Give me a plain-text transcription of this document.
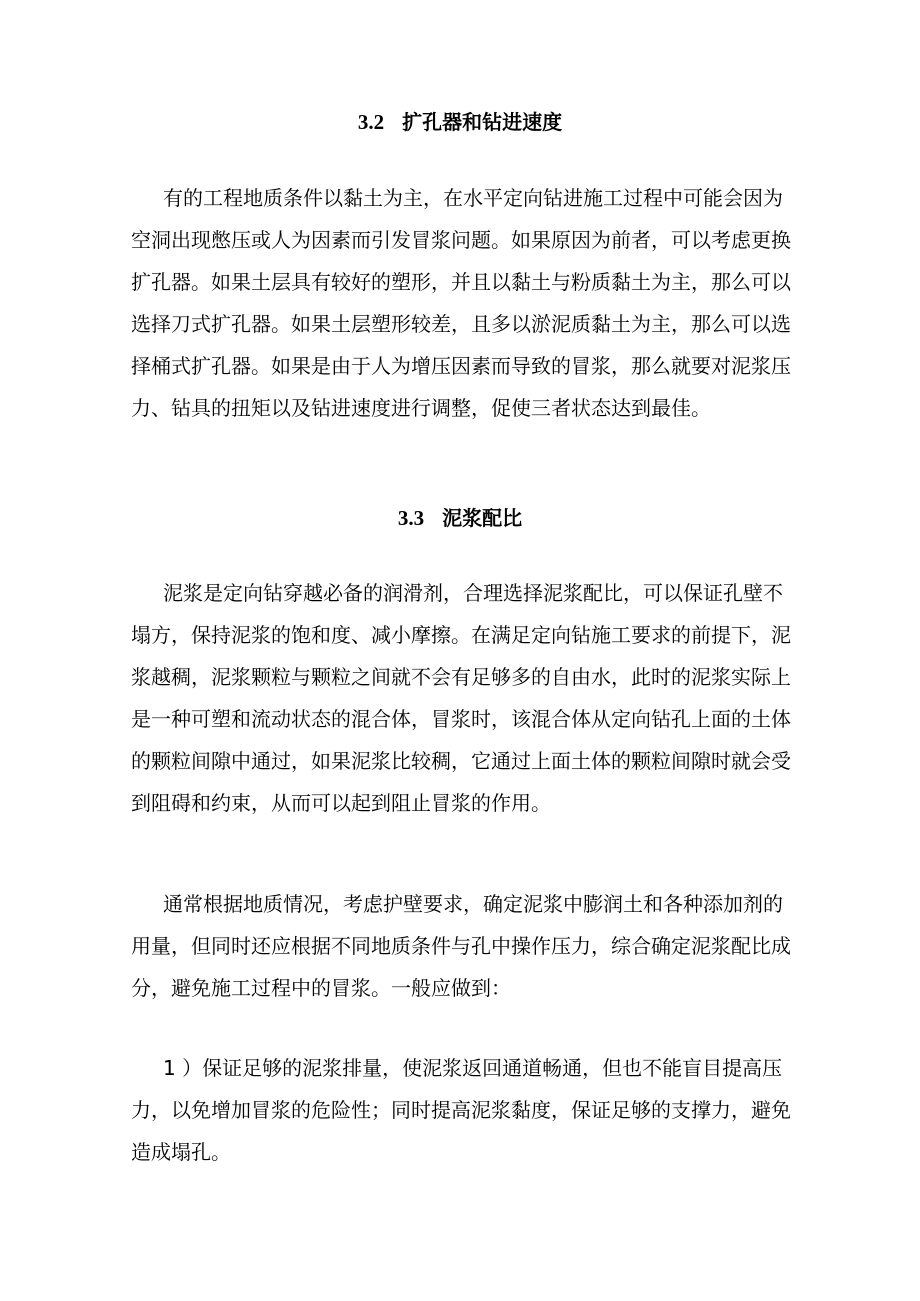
3.2 扩孔器和钻进速度
有的工程地质条件以黏土为主，在水平定向钻进施工过程中可能会因为
空洞出现憋压或人为因素而引发冒浆问题。如果原因为前者，可以考虑更换
扩孔器。如果土层具有较好的塑形，并且以黏土与粉质黏土为主，那么可以
选择刀式扩孔器。如果土层塑形较差，且多以淤泥质黏土为主，那么可以选
择桶式扩孔器。如果是由于人为增压因素而导致的冒浆，那么就要对泥浆压
力、钻具的扭矩以及钻进速度进行调整，促使三者状态达到最佳。
3.3 泥浆配比
泥浆是定向钻穿越必备的润滑剂，合理选择泥浆配比，可以保证孔壁不
塌方，保持泥浆的饱和度、减小摩擦。在满足定向钻施工要求的前提下，泥
浆越稠，泥浆颗粒与颗粒之间就不会有足够多的自由水，此时的泥浆实际上
是一种可塑和流动状态的混合体，冒浆时，该混合体从定向钻孔上面的土体
的颗粒间隙中通过，如果泥浆比较稠，它通过上面土体的颗粒间隙时就会受
到阻碍和约束，从而可以起到阻止冒浆的作用。
通常根据地质情况，考虑护壁要求，确定泥浆中膨润土和各种添加剂的
用量，但同时还应根据不同地质条件与孔中操作压力，综合确定泥浆配比成
分，避免施工过程中的冒浆。一般应做到：
1 ）保证足够的泥浆排量，使泥浆返回通道畅通，但也不能盲目提高压
力，以免增加冒浆的危险性；同时提高泥浆黏度，保证足够的支撑力，避免
造成塌孔。
